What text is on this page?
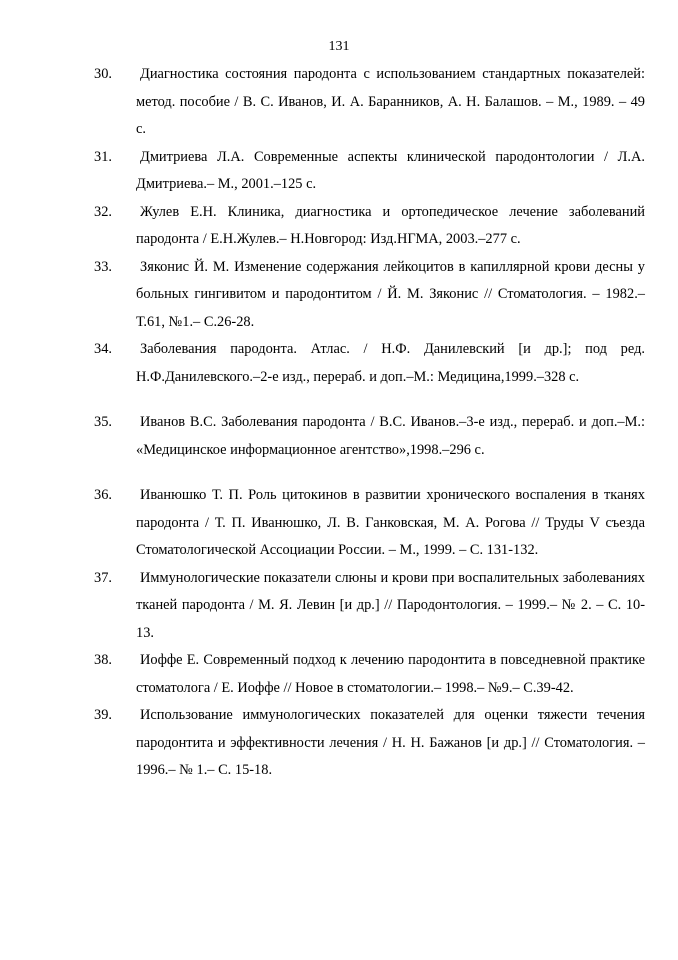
131
30.	Диагностика состояния пародонта с использованием стандартных показателей: метод. пособие / В. С. Иванов, И. А. Баранников, А. Н. Балашов. – М., 1989. – 49 с.
31.	Дмитриева Л.А. Современные аспекты клинической пародонтологии / Л.А. Дмитриева.– М., 2001.–125 с.
32.	Жулев Е.Н. Клиника, диагностика и ортопедическое лечение заболеваний пародонта / Е.Н.Жулев.– Н.Новгород: Изд.НГМА, 2003.–277 с.
33.	Зяконис Й. М. Изменение содержания лейкоцитов в капиллярной крови десны у больных гингивитом и пародонтитом / Й. М. Зяконис // Стоматология. – 1982.– Т.61, №1.– С.26-28.
34.	Заболевания пародонта. Атлас. / Н.Ф. Данилевский [и др.]; под ред. Н.Ф.Данилевского.–2-е изд., перераб. и доп.–М.: Медицина,1999.–328 с.
35.	Иванов В.С. Заболевания пародонта / В.С. Иванов.–3-е изд., перераб. и доп.–М.: «Медицинское информационное агентство»,1998.–296 с.
36.	Иванюшко Т. П. Роль цитокинов в развитии хронического воспаления в тканях пародонта / Т. П. Иванюшко, Л. В. Ганковская, М. А. Рогова // Труды V съезда Стоматологической Ассоциации России. – М., 1999. – С. 131-132.
37.	Иммунологические показатели слюны и крови при воспалительных заболеваниях тканей пародонта / М. Я. Левин [и др.] // Пародонтология. – 1999.– № 2. – С. 10-13.
38.	Иоффе Е. Современный подход к лечению пародонтита в повседневной практике стоматолога / Е. Иоффе // Новое в стоматологии.– 1998.– №9.– С.39-42.
39.	Использование иммунологических показателей для оценки тяжести течения пародонтита и эффективности лечения / Н. Н. Бажанов [и др.] // Стоматология. – 1996.– № 1.– С. 15-18.
